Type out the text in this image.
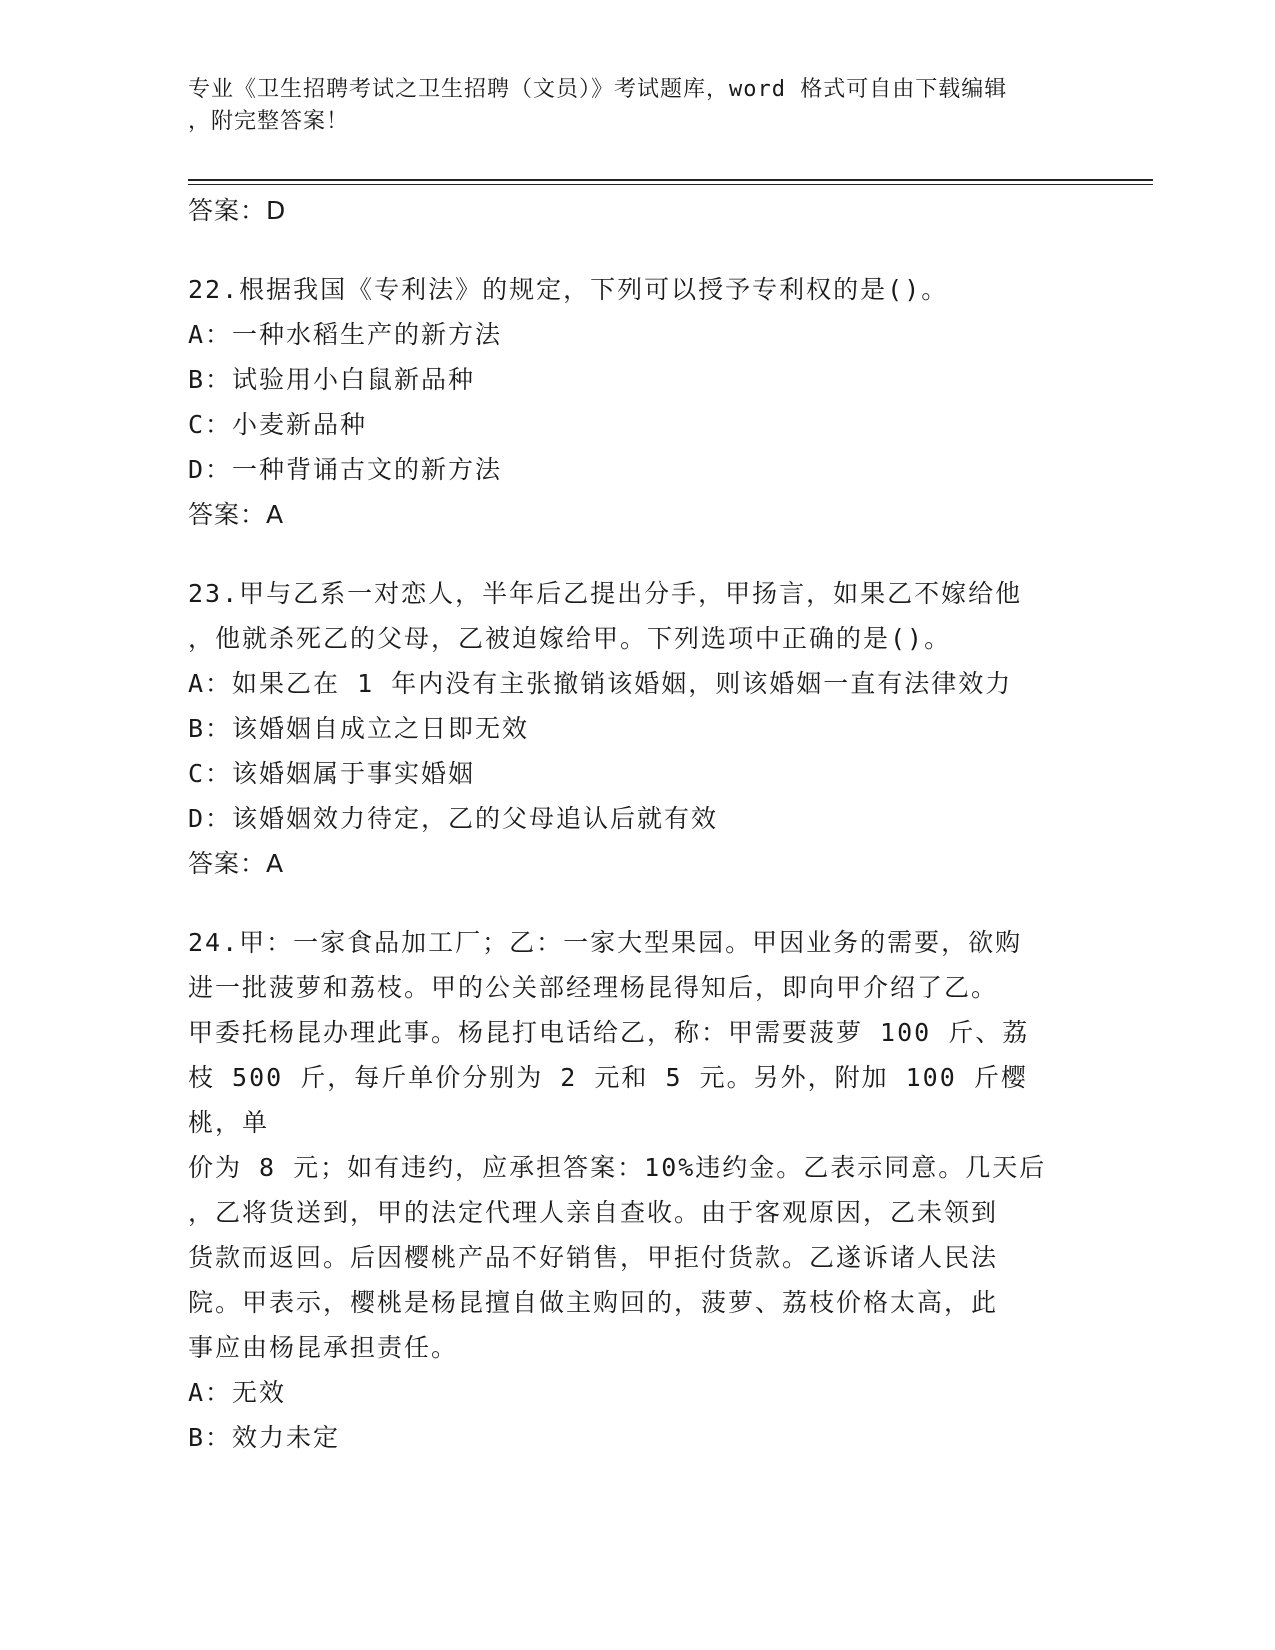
专业《卫生招聘考试之卫生招聘（文员）》考试题库，word 格式可自由下载编辑

，附完整答案！

答案：D

22.根据我国《专利法》的规定，下列可以授予专利权的是()。

A：一种水稻生产的新方法

B：试验用小白鼠新品种

C：小麦新品种

D：一种背诵古文的新方法

答案：A

23.甲与乙系一对恋人，半年后乙提出分手，甲扬言，如果乙不嫁给他

，他就杀死乙的父母，乙被迫嫁给甲。下列选项中正确的是()。

A：如果乙在 1 年内没有主张撤销该婚姻，则该婚姻一直有法律效力

B：该婚姻自成立之日即无效

C：该婚姻属于事实婚姻

D：该婚姻效力待定，乙的父母追认后就有效

答案：A

24.甲：一家食品加工厂；乙：一家大型果园。甲因业务的需要，欲购

进一批菠萝和荔枝。甲的公关部经理杨昆得知后，即向甲介绍了乙。

甲委托杨昆办理此事。杨昆打电话给乙，称：甲需要菠萝 100 斤、荔

枝 500 斤，每斤单价分别为 2 元和 5 元。另外，附加 100 斤樱桃，单

价为 8 元；如有违约，应承担答案：10%违约金。乙表示同意。几天后

，乙将货送到，甲的法定代理人亲自查收。由于客观原因，乙未领到

货款而返回。后因樱桃产品不好销售，甲拒付货款。乙遂诉诸人民法

院。甲表示，樱桃是杨昆擅自做主购回的，菠萝、荔枝价格太高，此

事应由杨昆承担责任。

A：无效

B：效力未定
